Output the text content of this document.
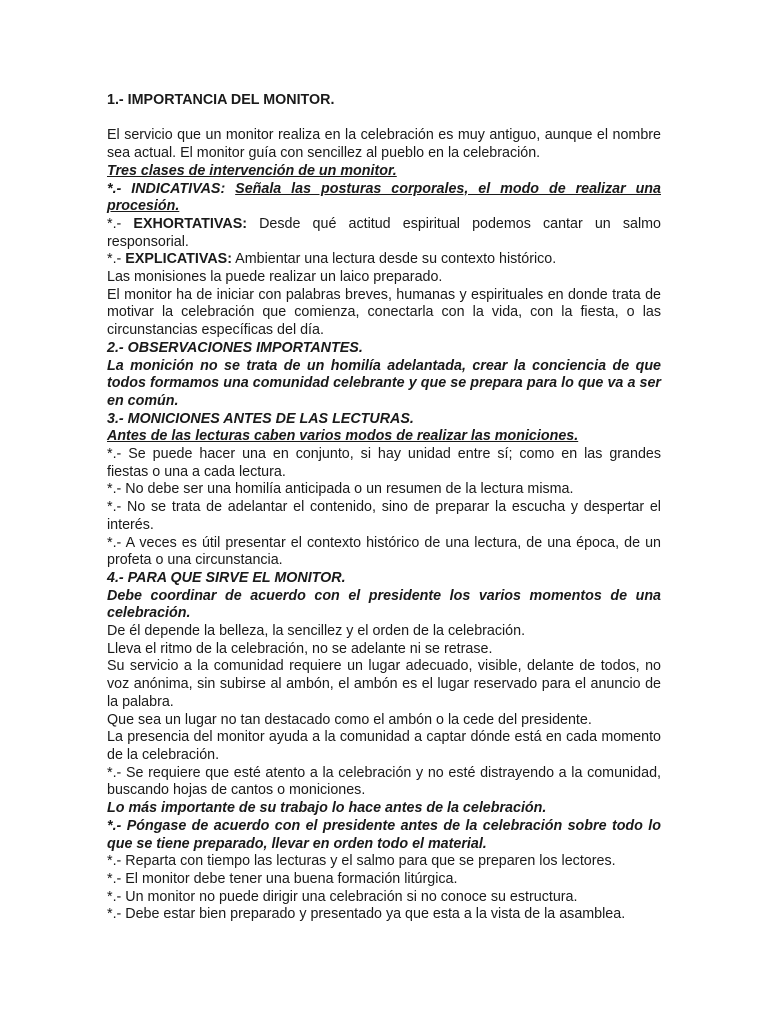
1.- IMPORTANCIA DEL MONITOR.

El servicio que un monitor realiza en la celebración es muy antiguo, aunque el nombre sea actual. El monitor guía con sencillez al pueblo en la celebración.

Tres clases de intervención de un monitor.

*.- INDICATIVAS: Señala las posturas corporales, el modo de realizar una procesión.

*.- EXHORTATIVAS: Desde qué actitud espiritual podemos cantar un salmo responsorial.

*.- EXPLICATIVAS: Ambientar una lectura desde su contexto histórico.

Las monisiones la puede realizar un laico preparado.

El monitor ha de iniciar con palabras breves, humanas y espirituales en donde trata de motivar la celebración que comienza, conectarla con la vida, con la fiesta, o las circunstancias específicas del día.

2.- OBSERVACIONES IMPORTANTES.

La monición no se trata de un homilía adelantada, crear la conciencia de que todos formamos una comunidad celebrante y que se prepara para lo que va a ser en común.

3.- MONICIONES ANTES DE LAS LECTURAS.

Antes de las lecturas caben varios modos de realizar las moniciones.

*.- Se puede hacer una en conjunto, si hay unidad entre sí; como en las grandes fiestas o una a cada lectura.

*.- No debe ser una homilía anticipada o un resumen de la lectura misma.

*.- No se trata de adelantar el contenido, sino de preparar la escucha y despertar el interés.

*.- A veces es útil presentar el contexto histórico de una lectura, de una época, de un profeta o una circunstancia.

4.- PARA QUE SIRVE EL MONITOR.

Debe coordinar de acuerdo con el presidente los varios momentos de una celebración.

De él depende la belleza, la sencillez y el orden de la celebración.

Lleva el ritmo de la celebración, no se adelante ni se retrase.

Su servicio a la comunidad requiere un lugar adecuado, visible, delante de todos, no voz anónima, sin subirse al ambón, el ambón es el lugar reservado para el anuncio de la palabra.

Que sea un lugar no tan destacado como el ambón o la cede del presidente.

La presencia del monitor ayuda a la comunidad a captar dónde está en cada momento de la celebración.

*.- Se requiere que esté atento a la celebración y no esté distrayendo a la comunidad, buscando hojas de cantos o moniciones.

Lo más importante de su trabajo lo hace antes de la celebración.

*.- Póngase de acuerdo con el presidente antes de la celebración sobre todo lo que se tiene preparado, llevar en orden todo el material.

*.- Reparta con tiempo las lecturas y el salmo para que se preparen los lectores.

*.- El monitor debe tener una buena formación litúrgica.

*.- Un monitor no puede dirigir una celebración si no conoce su estructura.

*.- Debe estar bien preparado y presentado ya que esta a la vista de la asamblea.
